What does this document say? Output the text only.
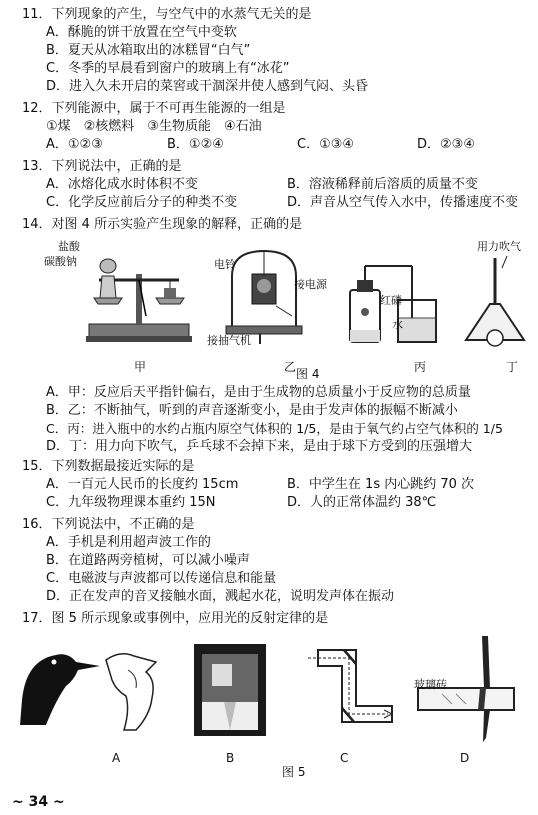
11．下列现象的产生，与空气中的水蒸气无关的是
A．酥脆的饼干放置在空气中变软
B．夏天从冰箱取出的冰糕冒“白气”
C．冬季的早晨看到窗户的玻璃上有“冰花”
D．进入久未开启的菜窖或干涸深井使人感到气闷、头昏
12．下列能源中，属于不可再生能源的一组是
①煤　②核燃料　③生物质能　④石油
A．①②③	B．①②④	C．①③④	D．②③④
13．下列说法中，正确的是
A．冰熔化成水时体积不变	B．溶液稀释前后溶质的质量不变
C．化学反应前后分子的种类不变	D．声音从空气传入水中，传播速度不变
14．对图 4 所示实验产生现象的解释，正确的是
盐酸
碳酸钠
甲
电铃
接电源
接抽气机
乙
红磷
水
丙
用力吹气
丁
图 4
A．甲：反应后天平指针偏右，是由于生成物的总质量小于反应物的总质量
B．乙：不断抽气，听到的声音逐渐变小，是由于发声体的振幅不断减小
C．丙：进入瓶中的水约占瓶内原空气体积的 1/5，是由于氧气约占空气体积的 1/5
D．丁：用力向下吹气，乒乓球不会掉下来，是由于球下方受到的压强增大
15．下列数据最接近实际的是
A．一百元人民币的长度约 15cm	B．中学生在 1s 内心跳约 70 次
C．九年级物理课本重约 15N	D．人的正常体温约 38℃
16．下列说法中，不正确的是
A．手机是利用超声波工作的
B．在道路两旁植树，可以减小噪声
C．电磁波与声波都可以传递信息和能量
D．正在发声的音叉接触水面，溅起水花，说明发声体在振动
17．图 5 所示现象或事例中，应用光的反射定律的是
A	B	C
玻璃砖
D
图 5
~ 34 ~
